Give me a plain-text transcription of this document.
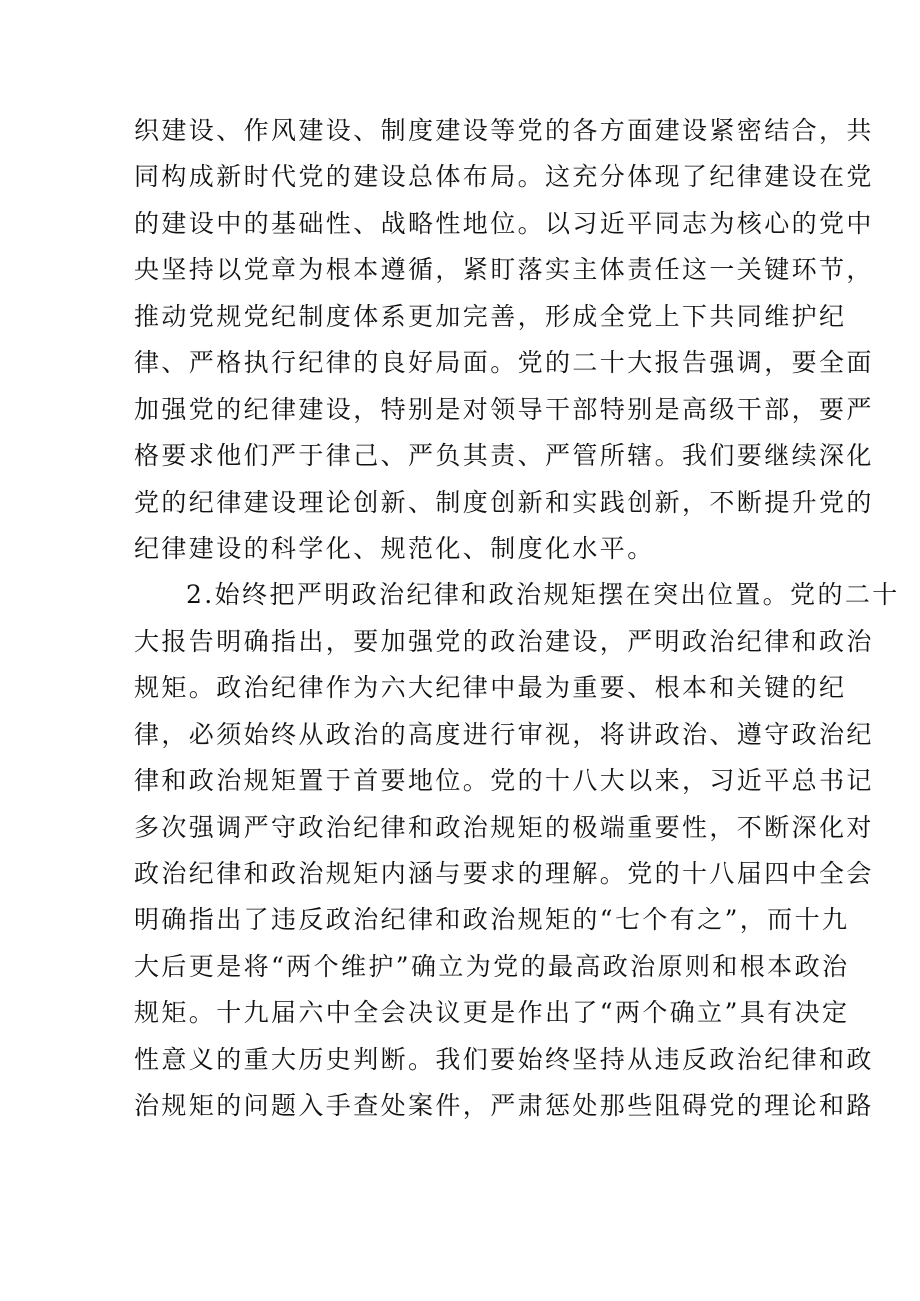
织建设、作风建设、制度建设等党的各方面建设紧密结合，共
同构成新时代党的建设总体布局。这充分体现了纪律建设在党
的建设中的基础性、战略性地位。以习近平同志为核心的党中
央坚持以党章为根本遵循，紧盯落实主体责任这一关键环节，
推动党规党纪制度体系更加完善，形成全党上下共同维护纪
律、严格执行纪律的良好局面。党的二十大报告强调，要全面
加强党的纪律建设，特别是对领导干部特别是高级干部，要严
格要求他们严于律己、严负其责、严管所辖。我们要继续深化
党的纪律建设理论创新、制度创新和实践创新，不断提升党的
纪律建设的科学化、规范化、制度化水平。
2.始终把严明政治纪律和政治规矩摆在突出位置。党的二十
大报告明确指出，要加强党的政治建设，严明政治纪律和政治
规矩。政治纪律作为六大纪律中最为重要、根本和关键的纪
律，必须始终从政治的高度进行审视，将讲政治、遵守政治纪
律和政治规矩置于首要地位。党的十八大以来，习近平总书记
多次强调严守政治纪律和政治规矩的极端重要性，不断深化对
政治纪律和政治规矩内涵与要求的理解。党的十八届四中全会
明确指出了违反政治纪律和政治规矩的“七个有之”，而十九
大后更是将“两个维护”确立为党的最高政治原则和根本政治
规矩。十九届六中全会决议更是作出了“两个确立”具有决定
性意义的重大历史判断。我们要始终坚持从违反政治纪律和政
治规矩的问题入手查处案件，严肃惩处那些阻碍党的理论和路
